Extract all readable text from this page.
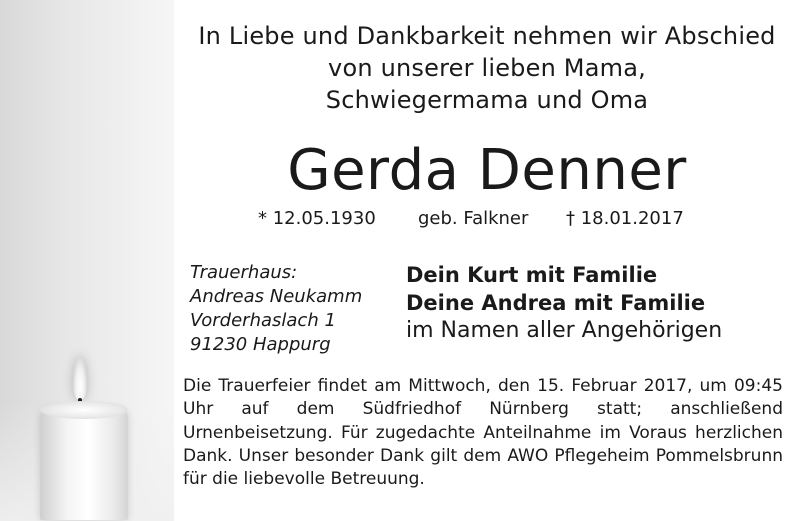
In Liebe und Dankbarkeit nehmen wir Abschied
von unserer lieben Mama,
Schwiegermama und Oma
Gerda Denner
* 12.05.1930 geb. Falkner † 18.01.2017
Trauerhaus:
Andreas Neukamm
Vorderhaslach 1
91230 Happurg
Dein Kurt mit Familie
Deine Andrea mit Familie
im Namen aller Angehörigen
Die Trauerfeier findet am Mittwoch, den 15. Februar 2017, um 09:45 Uhr auf dem Südfriedhof Nürnberg statt; anschließend Urnenbeisetzung. Für zugedachte Anteilnahme im Voraus herzlichen Dank. Unser besonder Dank gilt dem AWO Pflegeheim Pommelsbrunn für die liebevolle Betreuung.
